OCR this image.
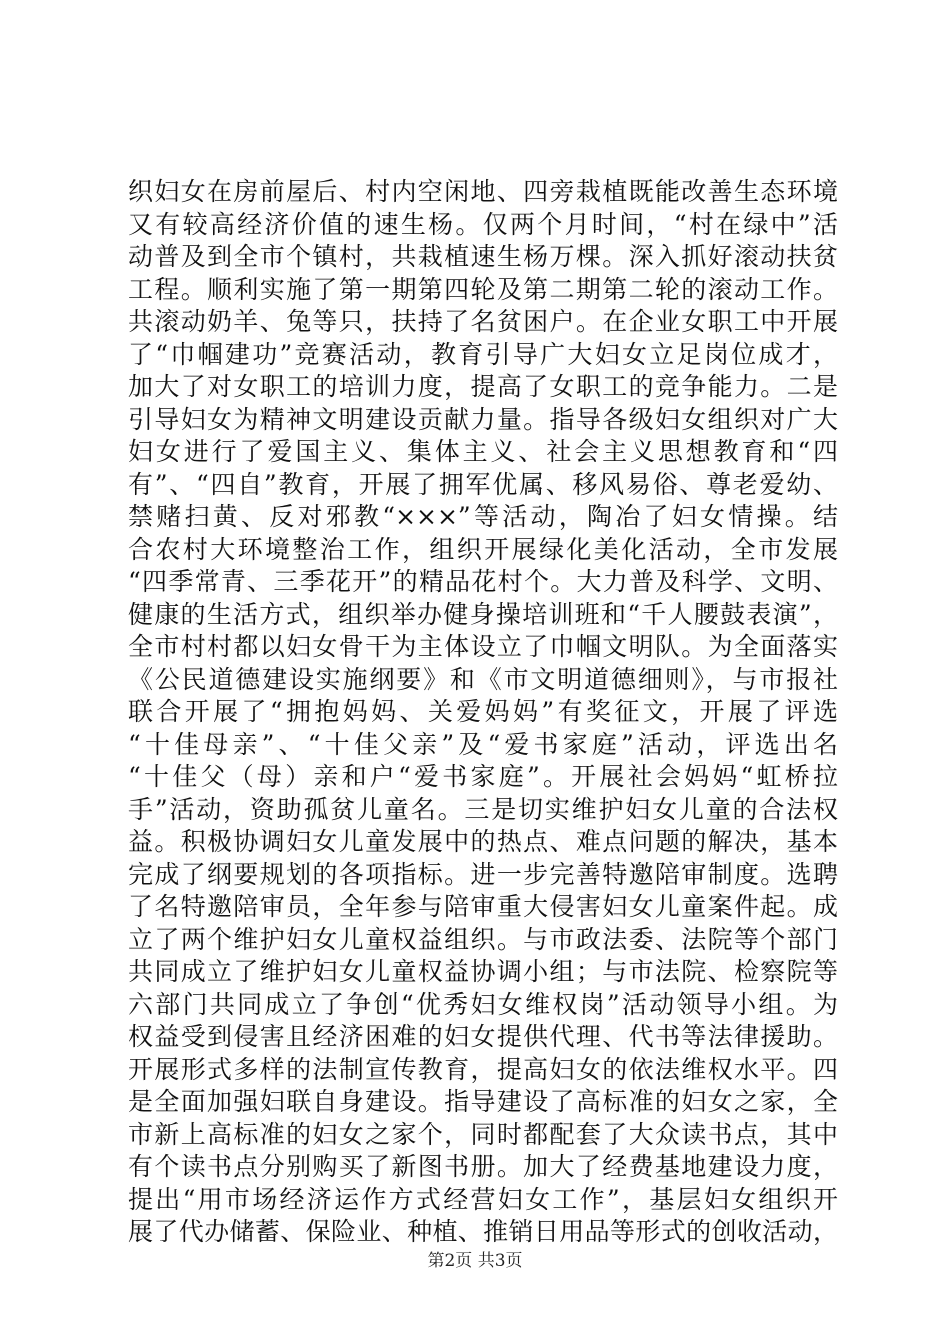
织妇女在房前屋后、村内空闲地、四旁栽植既能改善生态环境
又有较高经济价值的速生杨。仅两个月时间，“村在绿中”活
动普及到全市个镇村，共栽植速生杨万棵。深入抓好滚动扶贫
工程。顺利实施了第一期第四轮及第二期第二轮的滚动工作。
共滚动奶羊、兔等只，扶持了名贫困户。在企业女职工中开展
了“巾帼建功”竞赛活动，教育引导广大妇女立足岗位成才，
加大了对女职工的培训力度，提高了女职工的竞争能力。二是
引导妇女为精神文明建设贡献力量。指导各级妇女组织对广大
妇女进行了爱国主义、集体主义、社会主义思想教育和“四
有”、“四自”教育，开展了拥军优属、移风易俗、尊老爱幼、
禁赌扫黄、反对邪教“×××”等活动，陶冶了妇女情操。结
合农村大环境整治工作，组织开展绿化美化活动，全市发展
“四季常青、三季花开”的精品花村个。大力普及科学、文明、
健康的生活方式，组织举办健身操培训班和“千人腰鼓表演”，
全市村村都以妇女骨干为主体设立了巾帼文明队。为全面落实
《公民道德建设实施纲要》和《市文明道德细则》，与市报社
联合开展了“拥抱妈妈、关爱妈妈”有奖征文，开展了评选
“十佳母亲”、“十佳父亲”及“爱书家庭”活动，评选出名
“十佳父（母）亲和户“爱书家庭”。开展社会妈妈“虹桥拉
手”活动，资助孤贫儿童名。三是切实维护妇女儿童的合法权
益。积极协调妇女儿童发展中的热点、难点问题的解决，基本
完成了纲要规划的各项指标。进一步完善特邀陪审制度。选聘
了名特邀陪审员，全年参与陪审重大侵害妇女儿童案件起。成
立了两个维护妇女儿童权益组织。与市政法委、法院等个部门
共同成立了维护妇女儿童权益协调小组；与市法院、检察院等
六部门共同成立了争创“优秀妇女维权岗”活动领导小组。为
权益受到侵害且经济困难的妇女提供代理、代书等法律援助。
开展形式多样的法制宣传教育，提高妇女的依法维权水平。四
是全面加强妇联自身建设。指导建设了高标准的妇女之家，全
市新上高标准的妇女之家个，同时都配套了大众读书点，其中
有个读书点分别购买了新图书册。加大了经费基地建设力度，
提出“用市场经济运作方式经营妇女工作”，基层妇女组织开
展了代办储蓄、保险业、种植、推销日用品等形式的创收活动，
第2页 共3页
